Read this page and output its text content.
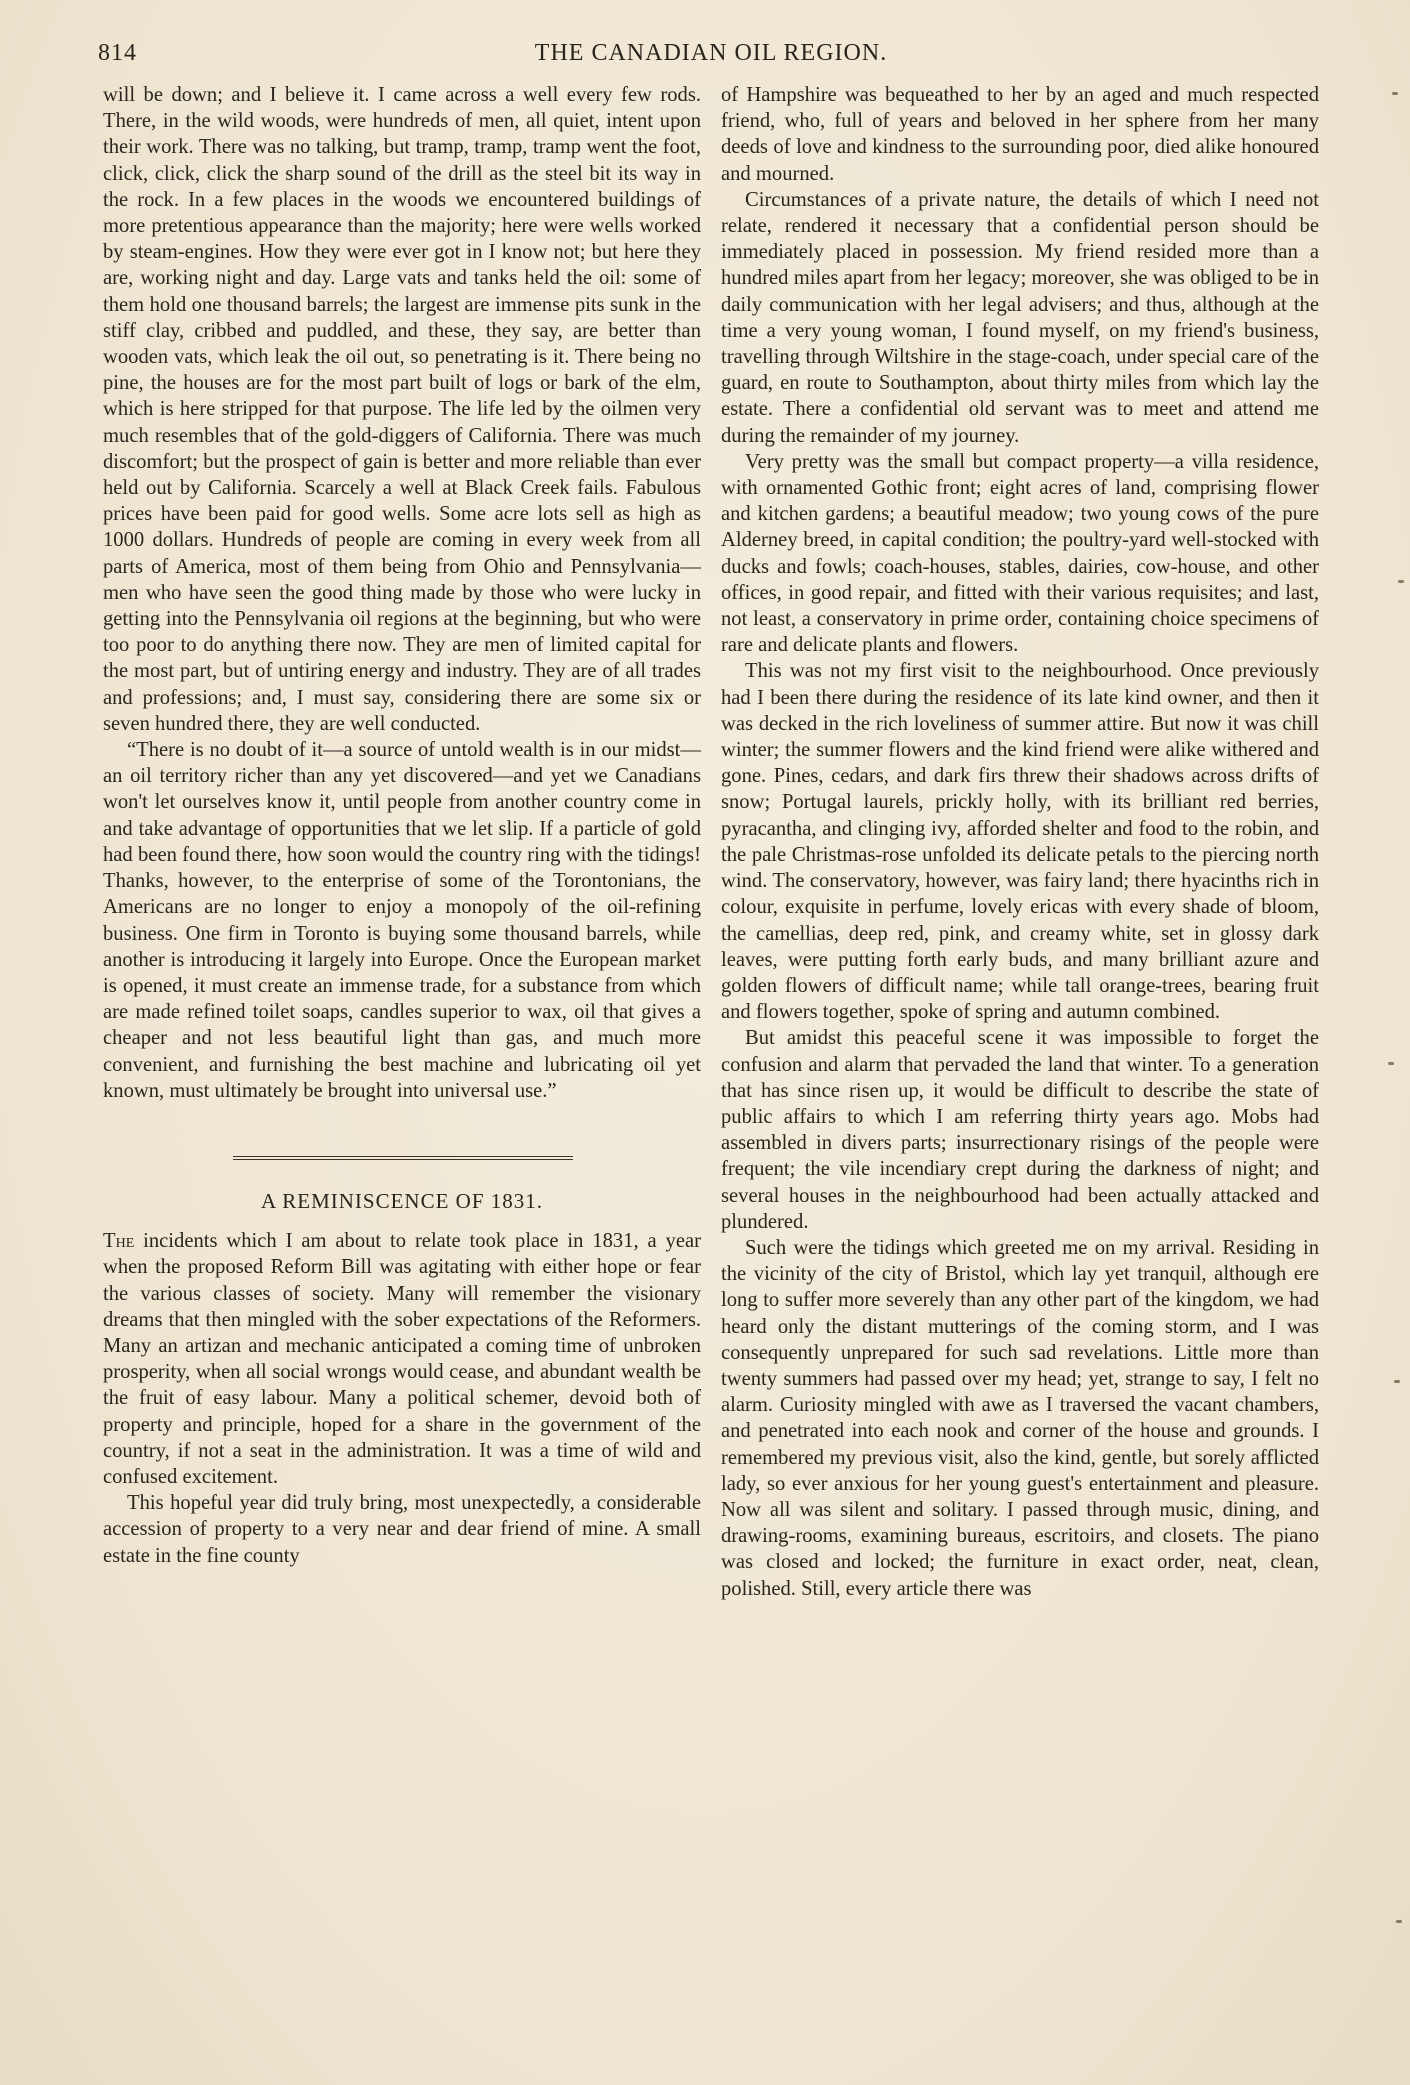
814	THE CANADIAN OIL REGION.

will be down; and I believe it. I came across a well every few rods. There, in the wild woods, were hundreds of men, all quiet, intent upon their work. There was no talking, but tramp, tramp, tramp went the foot, click, click, click the sharp sound of the drill as the steel bit its way in the rock. In a few places in the woods we encountered buildings of more pretentious appearance than the majority; here were wells worked by steam-engines. How they were ever got in I know not; but here they are, working night and day. Large vats and tanks held the oil: some of them hold one thousand barrels; the largest are immense pits sunk in the stiff clay, cribbed and puddled, and these, they say, are better than wooden vats, which leak the oil out, so penetrating is it. There being no pine, the houses are for the most part built of logs or bark of the elm, which is here stripped for that purpose. The life led by the oilmen very much resembles that of the gold-diggers of California. There was much discomfort; but the prospect of gain is better and more reliable than ever held out by California. Scarcely a well at Black Creek fails. Fabulous prices have been paid for good wells. Some acre lots sell as high as 1000 dollars. Hundreds of people are coming in every week from all parts of America, most of them being from Ohio and Pennsylvania—men who have seen the good thing made by those who were lucky in getting into the Pennsylvania oil regions at the beginning, but who were too poor to do anything there now. They are men of limited capital for the most part, but of untiring energy and industry. They are of all trades and professions; and, I must say, considering there are some six or seven hundred there, they are well conducted.

“There is no doubt of it—a source of untold wealth is in our midst—an oil territory richer than any yet discovered—and yet we Canadians won't let ourselves know it, until people from another country come in and take advantage of opportunities that we let slip. If a particle of gold had been found there, how soon would the country ring with the tidings! Thanks, however, to the enterprise of some of the Torontonians, the Americans are no longer to enjoy a monopoly of the oil-refining business. One firm in Toronto is buying some thousand barrels, while another is introducing it largely into Europe. Once the European market is opened, it must create an immense trade, for a substance from which are made refined toilet soaps, candles superior to wax, oil that gives a cheaper and not less beautiful light than gas, and much more convenient, and furnishing the best machine and lubricating oil yet known, must ultimately be brought into universal use.”

A REMINISCENCE OF 1831.

The incidents which I am about to relate took place in 1831, a year when the proposed Reform Bill was agitating with either hope or fear the various classes of society. Many will remember the visionary dreams that then mingled with the sober expectations of the Reformers. Many an artizan and mechanic anticipated a coming time of unbroken prosperity, when all social wrongs would cease, and abundant wealth be the fruit of easy labour. Many a political schemer, devoid both of property and principle, hoped for a share in the government of the country, if not a seat in the administration. It was a time of wild and confused excitement.

This hopeful year did truly bring, most unexpectedly, a considerable accession of property to a very near and dear friend of mine. A small estate in the fine county

of Hampshire was bequeathed to her by an aged and much respected friend, who, full of years and beloved in her sphere from her many deeds of love and kindness to the surrounding poor, died alike honoured and mourned.

Circumstances of a private nature, the details of which I need not relate, rendered it necessary that a confidential person should be immediately placed in possession. My friend resided more than a hundred miles apart from her legacy; moreover, she was obliged to be in daily communication with her legal advisers; and thus, although at the time a very young woman, I found myself, on my friend's business, travelling through Wiltshire in the stage-coach, under special care of the guard, en route to Southampton, about thirty miles from which lay the estate. There a confidential old servant was to meet and attend me during the remainder of my journey.

Very pretty was the small but compact property—a villa residence, with ornamented Gothic front; eight acres of land, comprising flower and kitchen gardens; a beautiful meadow; two young cows of the pure Alderney breed, in capital condition; the poultry-yard well-stocked with ducks and fowls; coach-houses, stables, dairies, cow-house, and other offices, in good repair, and fitted with their various requisites; and last, not least, a conservatory in prime order, containing choice specimens of rare and delicate plants and flowers.

This was not my first visit to the neighbourhood. Once previously had I been there during the residence of its late kind owner, and then it was decked in the rich loveliness of summer attire. But now it was chill winter; the summer flowers and the kind friend were alike withered and gone. Pines, cedars, and dark firs threw their shadows across drifts of snow; Portugal laurels, prickly holly, with its brilliant red berries, pyracantha, and clinging ivy, afforded shelter and food to the robin, and the pale Christmas-rose unfolded its delicate petals to the piercing north wind. The conservatory, however, was fairy land; there hyacinths rich in colour, exquisite in perfume, lovely ericas with every shade of bloom, the camellias, deep red, pink, and creamy white, set in glossy dark leaves, were putting forth early buds, and many brilliant azure and golden flowers of difficult name; while tall orange-trees, bearing fruit and flowers together, spoke of spring and autumn combined.

But amidst this peaceful scene it was impossible to forget the confusion and alarm that pervaded the land that winter. To a generation that has since risen up, it would be difficult to describe the state of public affairs to which I am referring thirty years ago. Mobs had assembled in divers parts; insurrectionary risings of the people were frequent; the vile incendiary crept during the darkness of night; and several houses in the neighbourhood had been actually attacked and plundered.

Such were the tidings which greeted me on my arrival. Residing in the vicinity of the city of Bristol, which lay yet tranquil, although ere long to suffer more severely than any other part of the kingdom, we had heard only the distant mutterings of the coming storm, and I was consequently unprepared for such sad revelations. Little more than twenty summers had passed over my head; yet, strange to say, I felt no alarm. Curiosity mingled with awe as I traversed the vacant chambers, and penetrated into each nook and corner of the house and grounds. I remembered my previous visit, also the kind, gentle, but sorely afflicted lady, so ever anxious for her young guest's entertainment and pleasure. Now all was silent and solitary. I passed through music, dining, and drawing-rooms, examining bureaus, escritoirs, and closets. The piano was closed and locked; the furniture in exact order, neat, clean, polished. Still, every article there was
